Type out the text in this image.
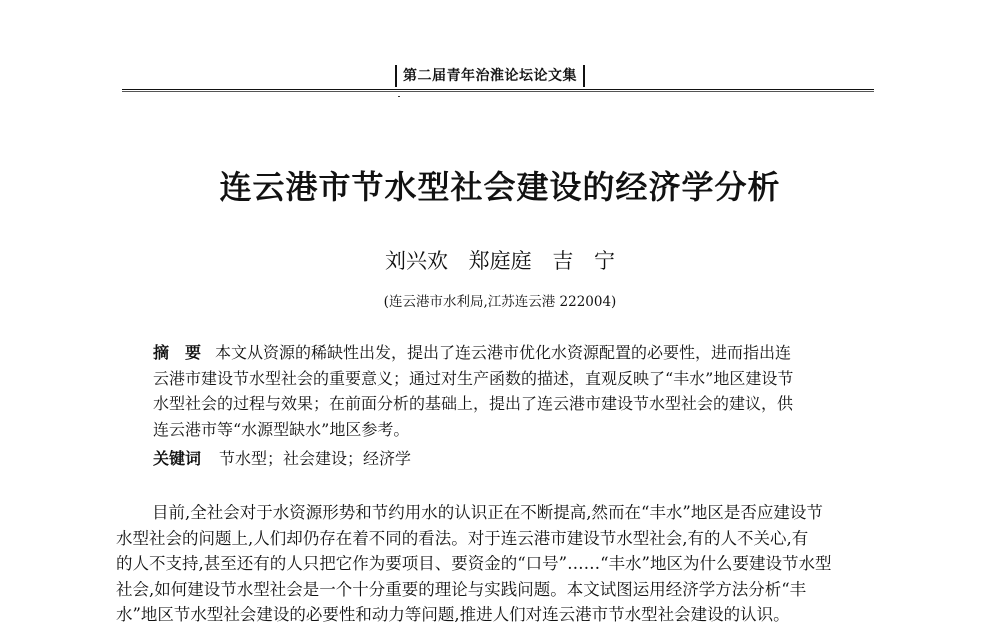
第二届青年治淮论坛论文集
连云港市节水型社会建设的经济学分析
刘兴欢 郑庭庭 吉 宁
(连云港市水利局,江苏连云港 222004)
摘　要 本文从资源的稀缺性出发，提出了连云港市优化水资源配置的必要性，进而指出连
云港市建设节水型社会的重要意义；通过对生产函数的描述，直观反映了“丰水”地区建设节
水型社会的过程与效果；在前面分析的基础上，提出了连云港市建设节水型社会的建议，供
连云港市等“水源型缺水”地区参考。
关键词 节水型；社会建设；经济学
目前,全社会对于水资源形势和节约用水的认识正在不断提高,然而在“丰水”地区是否应建设节
水型社会的问题上,人们却仍存在着不同的看法。对于连云港市建设节水型社会,有的人不关心,有
的人不支持,甚至还有的人只把它作为要项目、要资金的“口号”……“丰水”地区为什么要建设节水型
社会,如何建设节水型社会是一个十分重要的理论与实践问题。本文试图运用经济学方法分析“丰
水”地区节水型社会建设的必要性和动力等问题,推进人们对连云港市节水型社会建设的认识。
